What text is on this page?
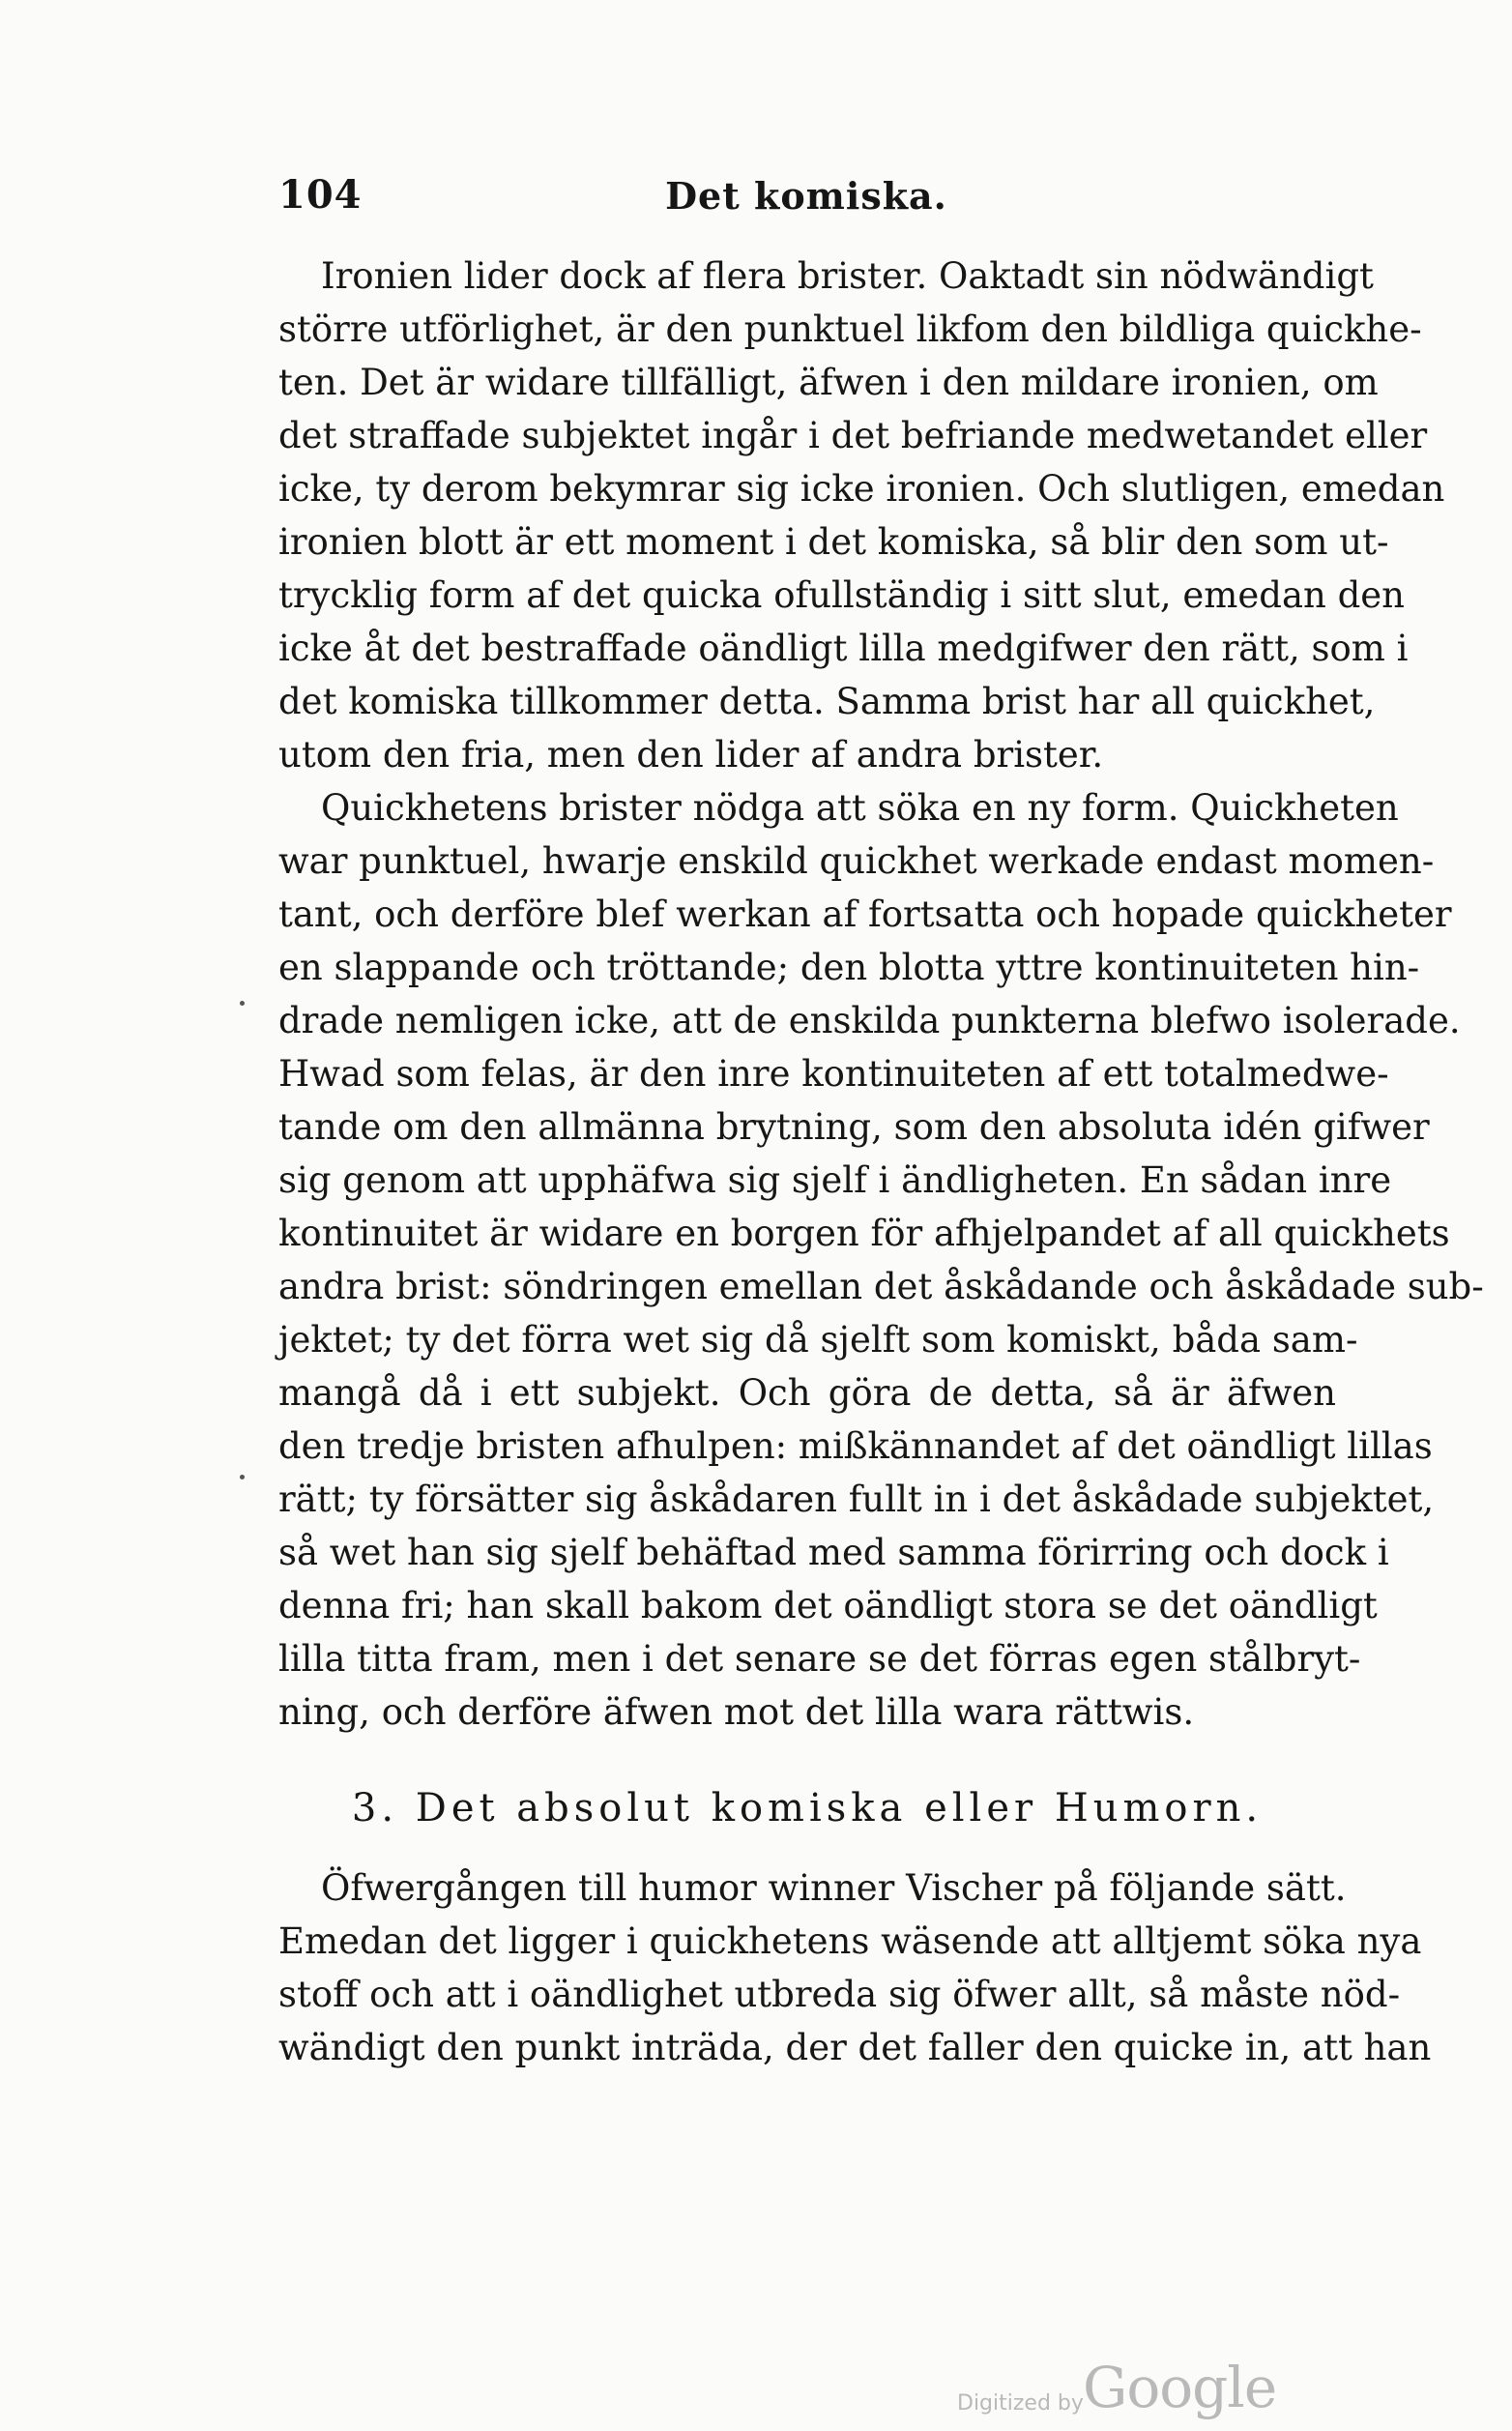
104	Det komiska.
Ironien lider dock af flera brister. Oaktadt sin nödwändigt
större utförlighet, är den punktuel likfom den bildliga quickhe-
ten. Det är widare tillfälligt, äfwen i den mildare ironien, om
det straffade subjektet ingår i det befriande medwetandet eller
icke, ty derom bekymrar sig icke ironien. Och slutligen, emedan
ironien blott är ett moment i det komiska, så blir den som ut-
trycklig form af det quicka ofullständig i sitt slut, emedan den
icke åt det bestraffade oändligt lilla medgifwer den rätt, som i
det komiska tillkommer detta. Samma brist har all quickhet,
utom den fria, men den lider af andra brister.
Quickhetens brister nödga att söka en ny form. Quickheten
war punktuel, hwarje enskild quickhet werkade endast momen-
tant, och derföre blef werkan af fortsatta och hopade quickheter
en slappande och tröttande; den blotta yttre kontinuiteten hin-
drade nemligen icke, att de enskilda punkterna blefwo isolerade.
Hwad som felas, är den inre kontinuiteten af ett totalmedwe-
tande om den allmänna brytning, som den absoluta idén gifwer
sig genom att upphäfwa sig sjelf i ändligheten. En sådan inre
kontinuitet är widare en borgen för afhjelpandet af all quickhets
andra brist: söndringen emellan det åskådande och åskådade sub-
jektet; ty det förra wet sig då sjelft som komiskt, båda sam-
mangå då i ett subjekt. Och göra de detta, så är äfwen
den tredje bristen afhulpen: mißkännandet af det oändligt lillas
rätt; ty försätter sig åskådaren fullt in i det åskådade subjektet,
så wet han sig sjelf behäftad med samma förirring och dock i
denna fri; han skall bakom det oändligt stora se det oändligt
lilla titta fram, men i det senare se det förras egen stålbryt-
ning, och derföre äfwen mot det lilla wara rättwis.
3. Det absolut komiska eller Humorn.
Öfwergången till humor winner Vischer på följande sätt.
Emedan det ligger i quickhetens wäsende att alltjemt söka nya
stoff och att i oändlighet utbreda sig öfwer allt, så måste nöd-
wändigt den punkt inträda, der det faller den quicke in, att han
Digitized by Google
